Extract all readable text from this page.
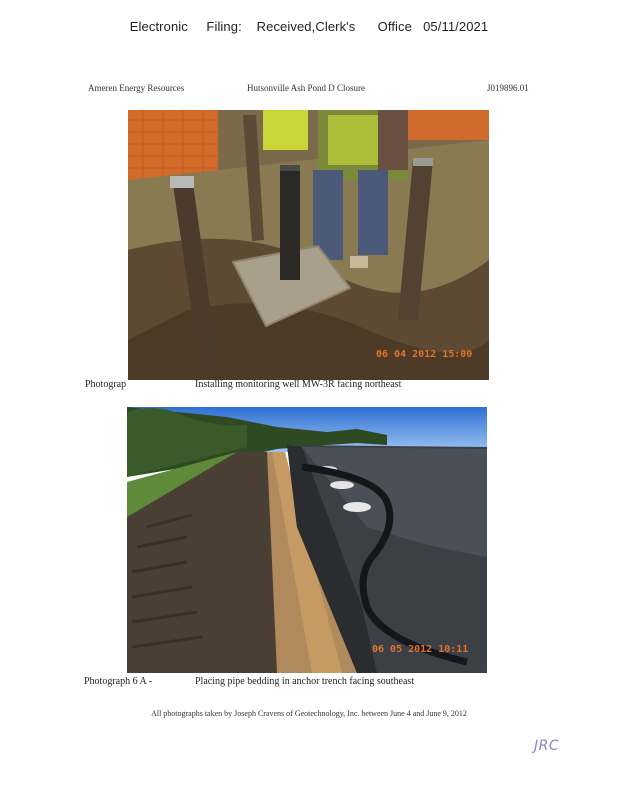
Electronic     Filing:    Received,Clerk's      Office   05/11/2021
Ameren Energy Resources	Hutsonville Ash Pond D Closure	J019896.01
06 04 2012 15:00
Photograp	Installing monitoring well MW-3R facing northeast
06 05 2012 10:11
Photograph 6 A -	Placing pipe bedding in anchor trench facing southeast
All photographs taken by Joseph Cravens of Geotechnology, Inc. between June 4 and June 9, 2012
JRC
